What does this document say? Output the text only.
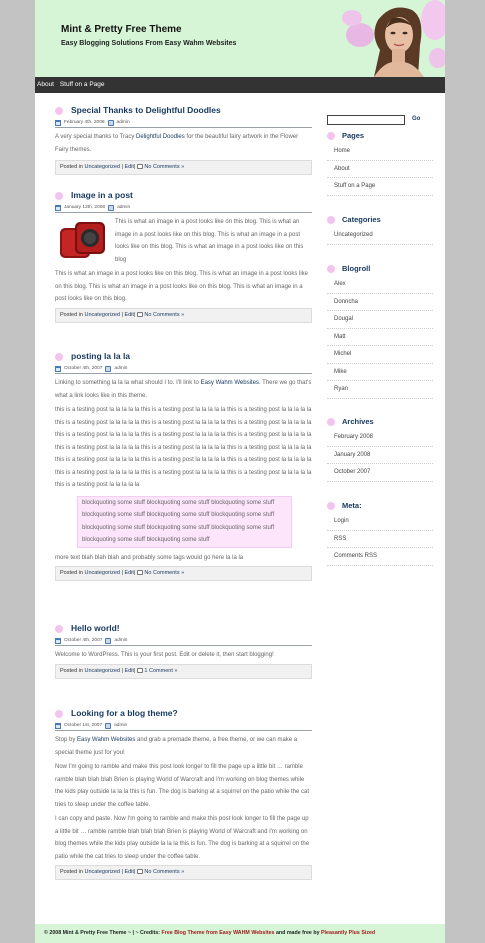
Mint & Pretty Free Theme
Easy Blogging Solutions From Easy Wahm Websites
About Stuff on a Page
Special Thanks to Delightful Doodles
February 4th, 2008	admin

A very special thanks to Tracy Delightful Doodles for the beautiful fairy artwork in the Flower Fairy themes.

Posted in Uncategorized | Edit|  No Comments »
Image in a post
January 12th, 2008	admin

This is what an image in a post looks like on this blog. This is what an image in a post looks like on this blog. This is what an image in a post looks like on this blog. This is what an image in a post looks like on this blog

This is what an image in a post looks like on this blog. This is what an image in a post looks like on this blog. This is what an image in a post looks like on this blog. This is what an image in a post looks like on this blog.

Posted in Uncategorized | Edit|  No Comments »
posting la la la
October 4th, 2007	admin

Linking to something la la la what should I to. I'll link to Easy Wahm Websites. There we go that's what a link looks like in this theme.

this is a testing post la la la la la this is a testing post la la la la la this is a testing post la la la la la this is a testing post la la la la la this is a testing post la la la la la this is a testing post la la la la la this is a testing post la la la la la this is a testing post la la la la la this is a testing post la la la la la this is a testing post la la la la la this is a testing post la la la la la this is a testing post la la la la la this is a testing post la la la la la this is a testing post la la la la la this is a testing post la la la la la this is a testing post la la la la la this is a testing post la la la la la this is a testing post la la la la la this is a testing post la la la la la

blockquoting some stuff blockquoting some stuff blockquoting some stuff blockquoting some stuff blockquoting some stuff blockquoting some stuff blockquoting some stuff blockquoting some stuff blockquoting some stuff blockquoting some stuff blockquoting some stuff

more text blah blah blah and probably some tags would go here la la la

Posted in Uncategorized | Edit|  No Comments »
Hello world!
October 4th, 2007	admin

Welcome to WordPress. This is your first post. Edit or delete it, then start blogging!

Posted in Uncategorized | Edit|  1 Comment »
Looking for a blog theme?
October 1st, 2007	admin

Stop by Easy Wahm Websites and grab a premade theme, a free theme, or we can make a special theme just for you!

Now I'm going to ramble and make this post look longer to fill the page up a little bit … ramble ramble blah blah blah Brien is playing World of Warcraft and I'm working on blog themes while the kids play outside la la la this is fun. The dog is barking at a squirrel on the patio while the cat tries to sleep under the coffee table.

I can copy and paste. Now I'm going to ramble and make this post look longer to fill the page up a little bit … ramble ramble blah blah blah Brien is playing World of Warcraft and I'm working on blog themes while the kids play outside la la la this is fun. The dog is barking at a squirrel on the patio while the cat tries to sleep under the coffee table.

Posted in Uncategorized | Edit|  No Comments »
Go
Pages
Home
About
Stuff on a Page
Categories
Uncategorized
Blogroll
Alex
Donncha
Dougal
Matt
Michel
Mike
Ryan
Archives
February 2008
January 2008
October 2007
Meta:
Login
RSS
Comments RSS
© 2008 Mint & Pretty Free Theme ~ | ~ Credits: Free Blog Theme from Easy WAHM Websites and made free by Pleasantly Plus Sized
